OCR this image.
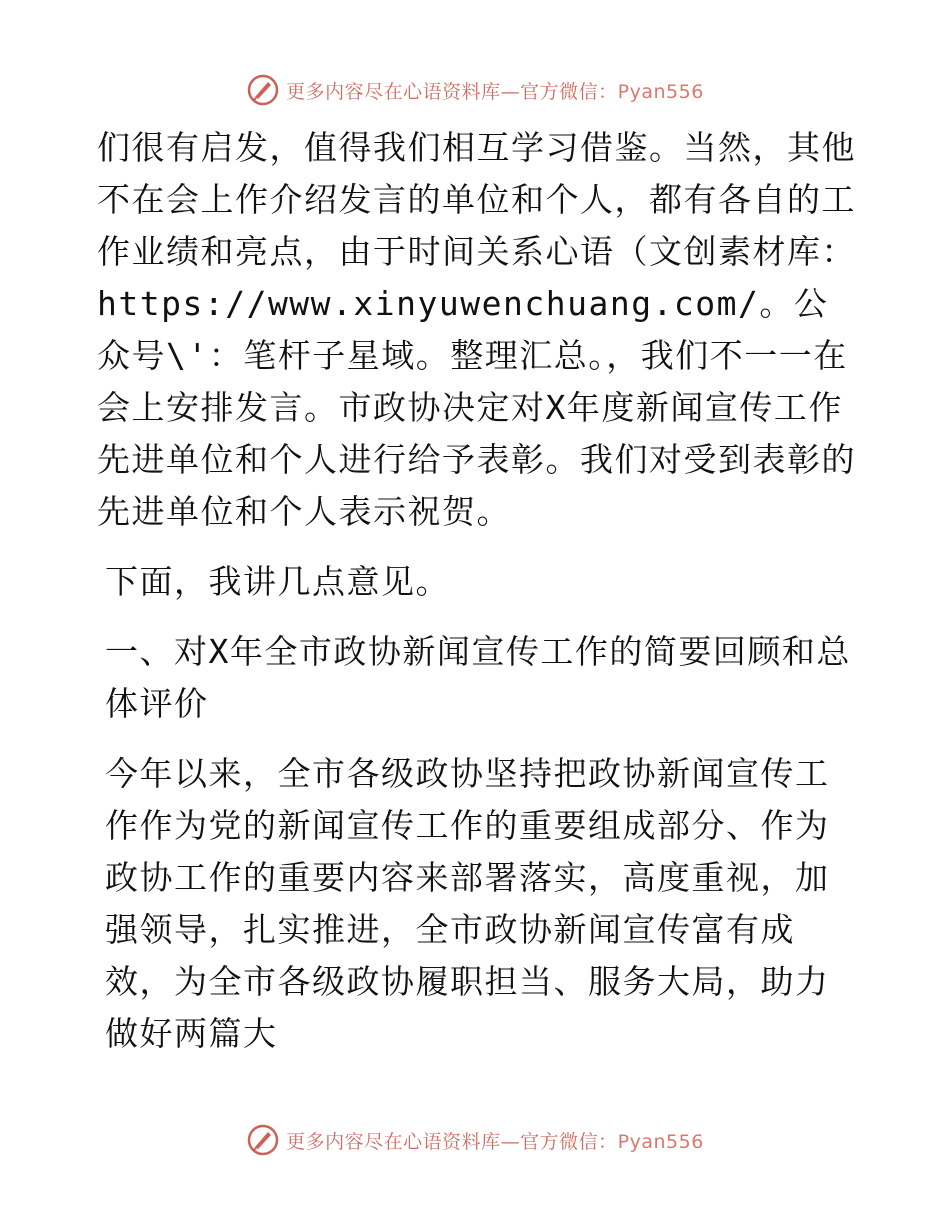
更多内容尽在心语资料库—官方微信：Pyan556

们很有启发，值得我们相互学习借鉴。当然，其他不在会上作介绍发言的单位和个人，都有各自的工作业绩和亮点，由于时间关系心语（文创素材库：https://www.xinyuwenchuang.com/。公众号\'：笔杆子星域。整理汇总。，我们不一一在会上安排发言。市政协决定对X年度新闻宣传工作先进单位和个人进行给予表彰。我们对受到表彰的先进单位和个人表示祝贺。

下面，我讲几点意见。

一、对X年全市政协新闻宣传工作的简要回顾和总体评价

今年以来，全市各级政协坚持把政协新闻宣传工作作为党的新闻宣传工作的重要组成部分、作为政协工作的重要内容来部署落实，高度重视，加强领导，扎实推进，全市政协新闻宣传富有成效，为全市各级政协履职担当、服务大局，助力做好两篇大

更多内容尽在心语资料库—官方微信：Pyan556
